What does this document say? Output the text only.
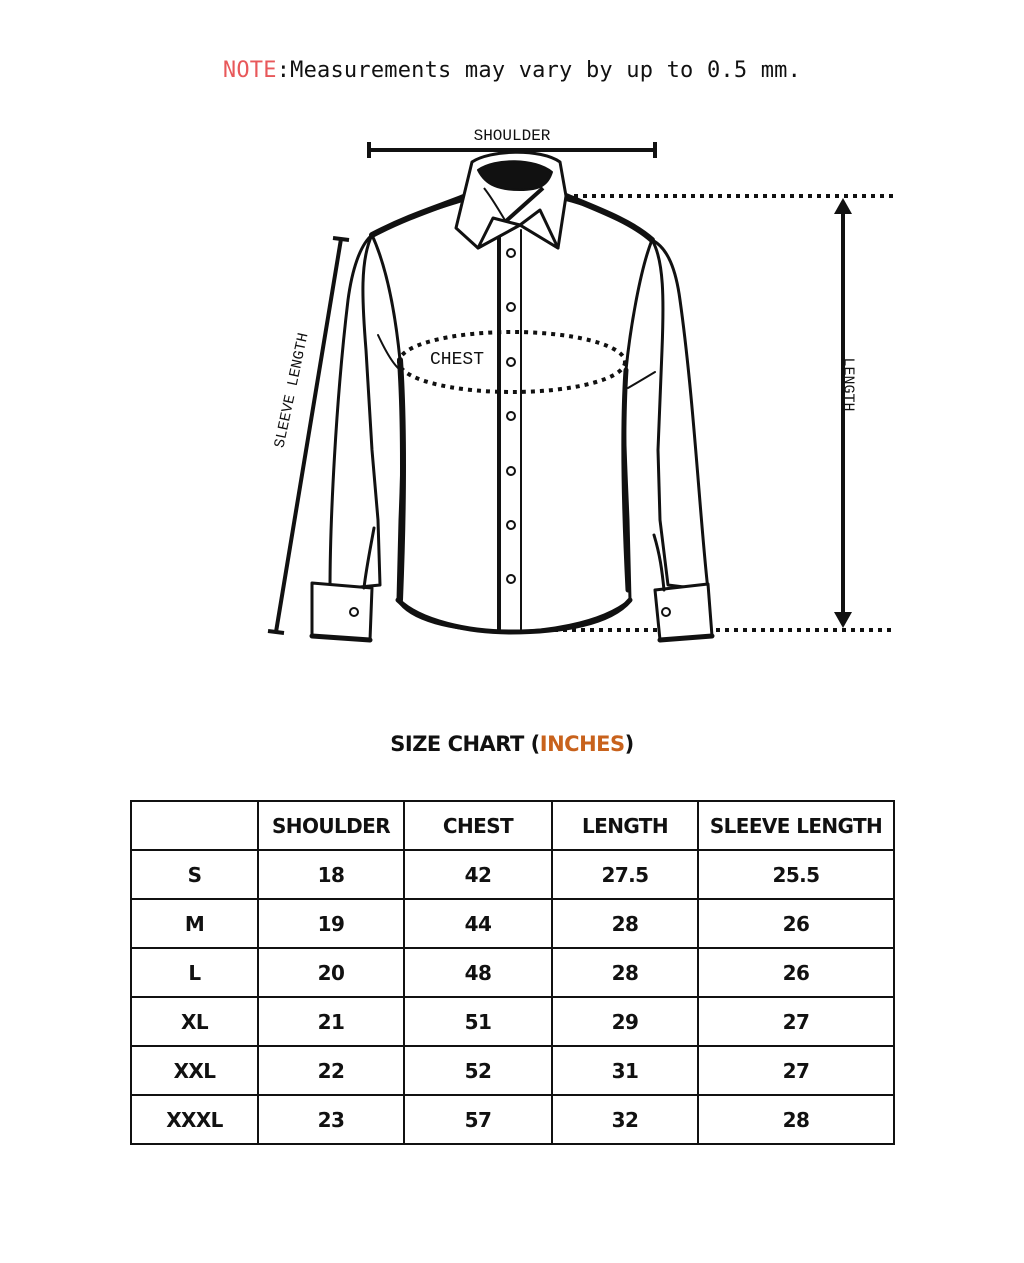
NOTE:Measurements may vary by up to 0.5 mm.
SHOULDER
CHEST
SLEEVE LENGTH	LENGTH
SIZE CHART (INCHES)
	SHOULDER	CHEST	LENGTH	SLEEVE LENGTH
S	18	42	27.5	25.5
M	19	44	28	26
L	20	48	28	26
XL	21	51	29	27
XXL	22	52	31	27
XXXL	23	57	32	28
